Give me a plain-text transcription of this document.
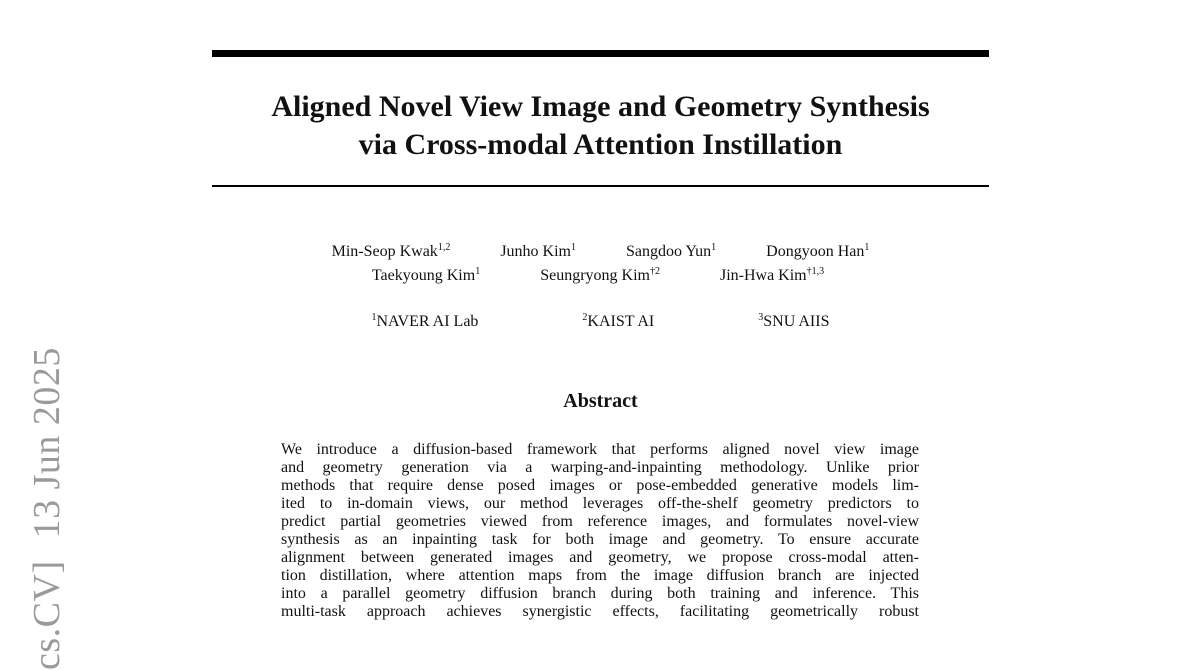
cs.CV]13 Jun 2025
Aligned Novel View Image and Geometry Synthesis
via Cross-modal Attention Instillation
Min-Seop Kwak$^{1,2}$	Junho Kim$^1$	Sangdoo Yun$^1$	Dongyoon Han$^1$
Taekyoung Kim$^1$	Seungryong Kim$^{\dagger 2}$	Jin-Hwa Kim$^{\dagger 1,3}$
$^1$NAVER AI Lab	$^2$KAIST AI	$^3$SNU AIIS
Abstract
We introduce a diffusion-based framework that performs aligned novel view image
and geometry generation via a warping-and-inpainting methodology. Unlike prior
methods that require dense posed images or pose-embedded generative models lim-
ited to in-domain views, our method leverages off-the-shelf geometry predictors to
predict partial geometries viewed from reference images, and formulates novel-view
synthesis as an inpainting task for both image and geometry. To ensure accurate
alignment between generated images and geometry, we propose cross-modal atten-
tion distillation, where attention maps from the image diffusion branch are injected
into a parallel geometry diffusion branch during both training and inference. This
multi-task approach achieves synergistic effects, facilitating geometrically robust
